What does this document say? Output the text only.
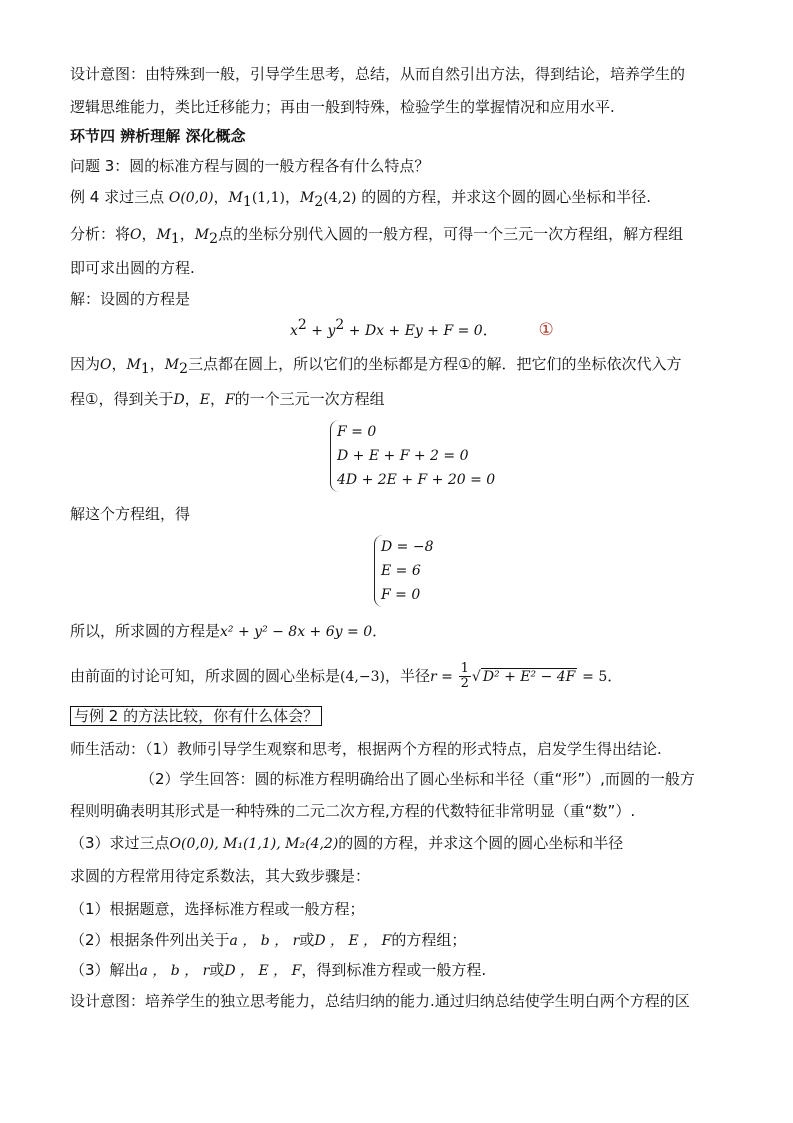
设计意图：由特殊到一般，引导学生思考，总结，从而自然引出方法，得到结论，培养学生的
逻辑思维能力，类比迁移能力；再由一般到特殊，检验学生的掌握情况和应用水平.
环节四 辨析理解 深化概念
问题 3：圆的标准方程与圆的一般方程各有什么特点？
例 4 求过三点 O(0,0)，$M_1(1,1)$，$M_2(4,2)$ 的圆的方程，并求这个圆的圆心坐标和半径.
分析：将O，$M_1$，$M_2$点的坐标分别代入圆的一般方程，可得一个三元一次方程组，解方程组
即可求出圆的方程.
解：设圆的方程是
$x^2 + y^2 + Dx + Ey + F = 0$． ①
因为O，$M_1$，$M_2$三点都在圆上，所以它们的坐标都是方程①的解．把它们的坐标依次代入方
程①，得到关于D，E，F的一个三元一次方程组
F = 0
D + E + F + 2 = 0
4D + 2E + F + 20 = 0
解这个方程组，得
D = −8
E = 6
F = 0
所以，所求圆的方程是x² + y² − 8x + 6y = 0．
由前面的讨论可知，所求圆的圆心坐标是(4,−3)，半径$r = \frac{1}{2}$ √ D² + E² − 4F = 5．
与例 2 的方法比较，你有什么体会？
师生活动：（1）教师引导学生观察和思考，根据两个方程的形式特点，启发学生得出结论.
（2）学生回答：圆的标准方程明确给出了圆心坐标和半径（重“形”）,而圆的一般方
程则明确表明其形式是一种特殊的二元二次方程,方程的代数特征非常明显（重“数”）.
（3）求过三点O(0,0), M₁(1,1), M₂(4,2)的圆的方程，并求这个圆的圆心坐标和半径
求圆的方程常用待定系数法，其大致步骤是：
（1）根据题意，选择标准方程或一般方程；
（2）根据条件列出关于a ， b ， r或D ， E ， F的方程组；
（3）解出a ， b ， r或D ， E ， F，得到标准方程或一般方程.
设计意图：培养学生的独立思考能力，总结归纳的能力.通过归纳总结使学生明白两个方程的区
